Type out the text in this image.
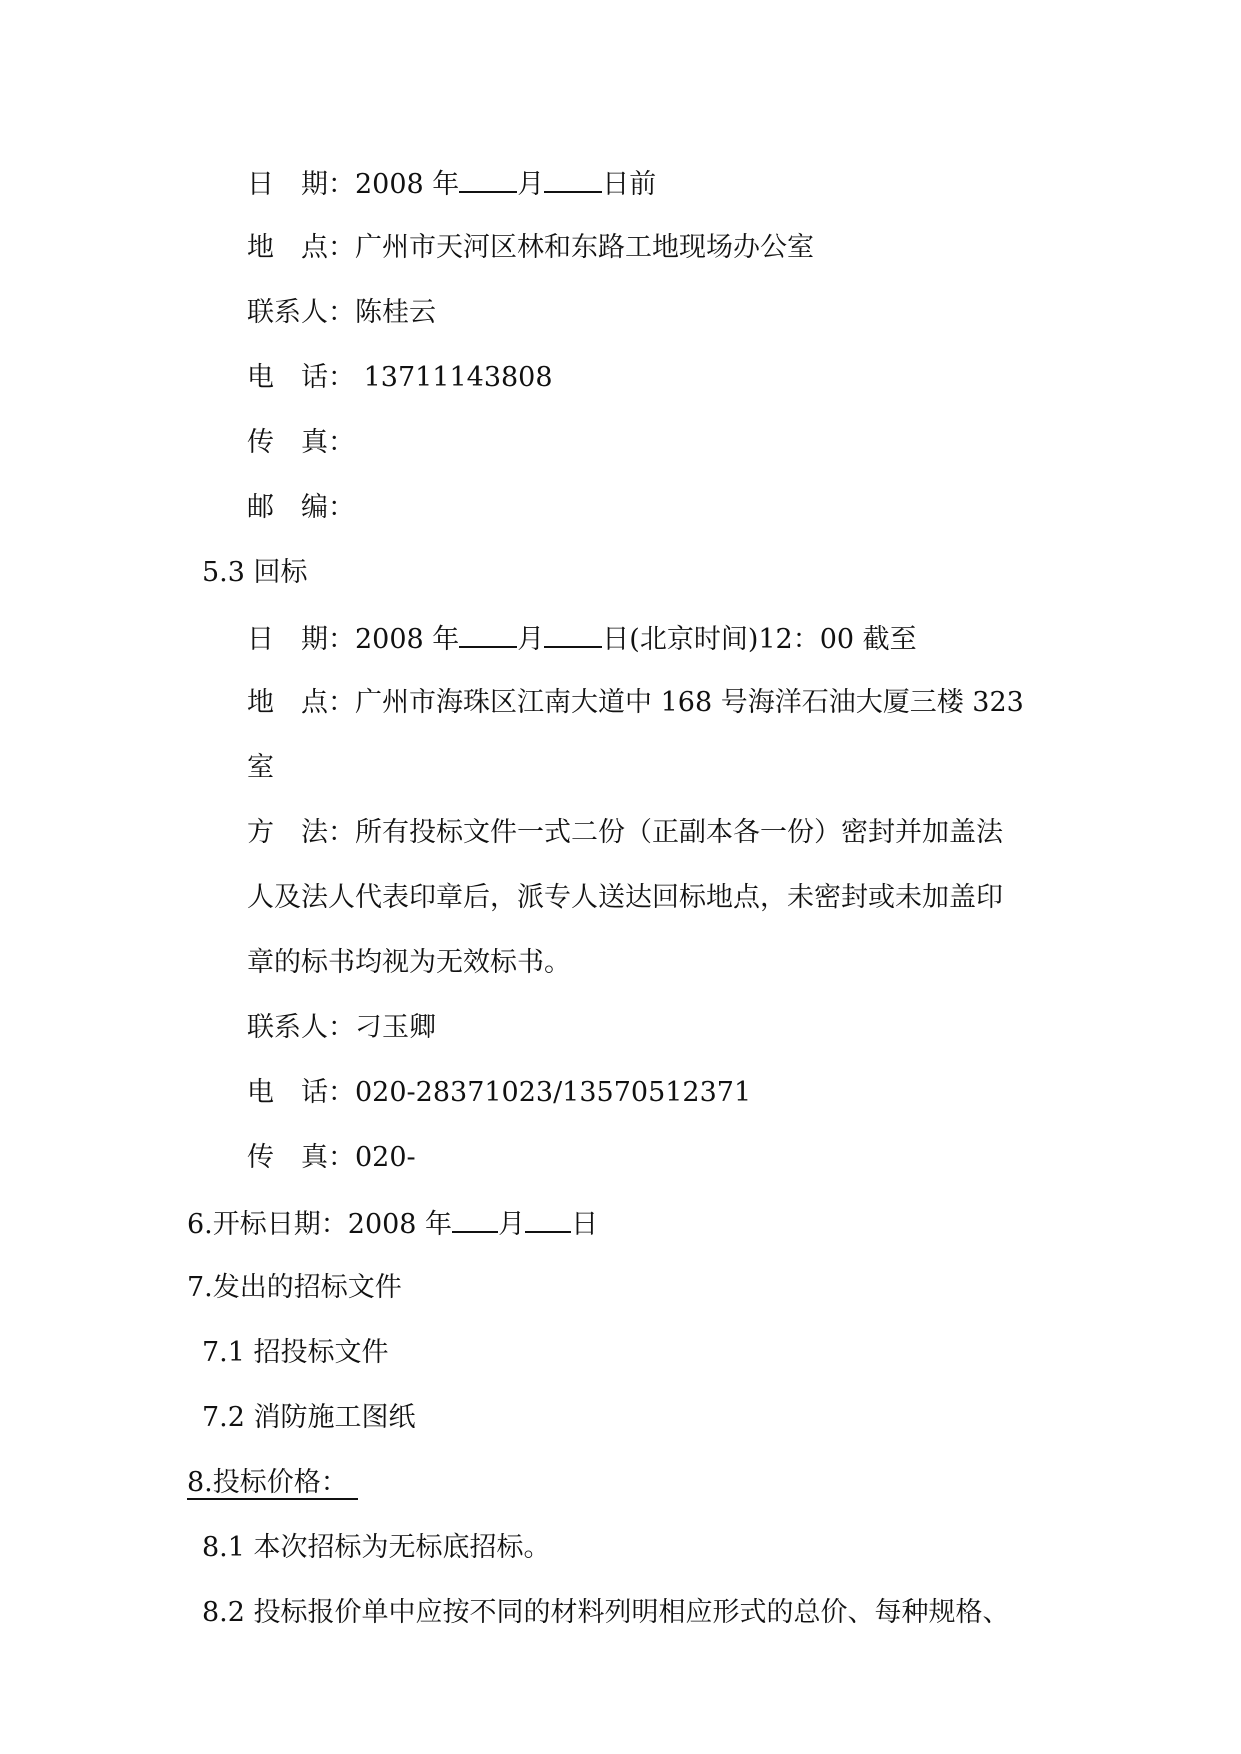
日　期：2008 年 月 日前
地　点：广州市天河区林和东路工地现场办公室
联系人：陈桂云
电　话： 13711143808
传　真：
邮　编：
5.3 回标
日　期：2008 年 月 日(北京时间)12：00 截至
地　点：广州市海珠区江南大道中 168 号海洋石油大厦三楼 323
室
方　法：所有投标文件一式二份（正副本各一份）密封并加盖法
人及法人代表印章后，派专人送达回标地点，未密封或未加盖印
章的标书均视为无效标书。
联系人：刁玉卿
电　话：020-28371023/13570512371
传　真：020-
6.开标日期：2008 年 月 日
7.发出的招标文件
7.1 招投标文件
7.2 消防施工图纸
8.投标价格：
8.1 本次招标为无标底招标。
8.2 投标报价单中应按不同的材料列明相应形式的总价、每种规格、
